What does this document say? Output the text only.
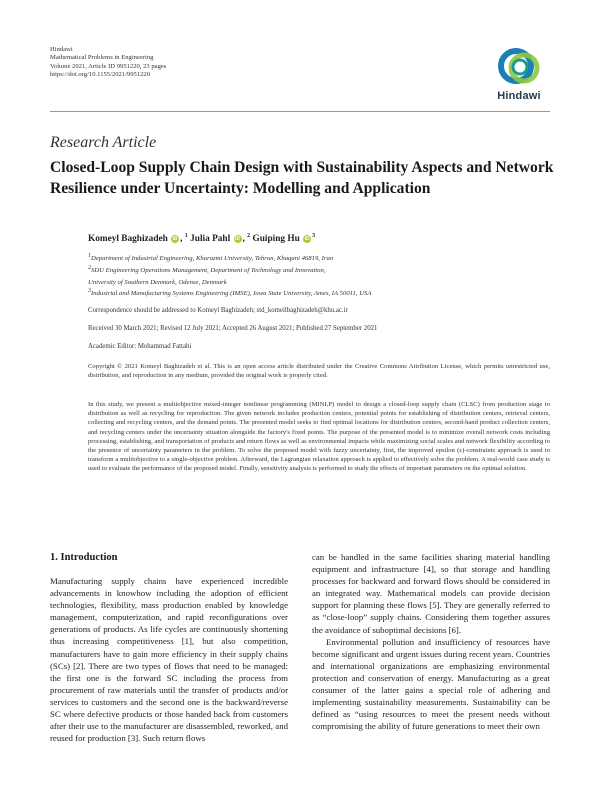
Hindawi
Mathematical Problems in Engineering
Volume 2021, Article ID 9951220, 23 pages
https://doi.org/10.1155/2021/9951220
Hindawi
Research Article
Closed-Loop Supply Chain Design with Sustainability Aspects and Network Resilience under Uncertainty: Modelling and Application
Komeyl Baghizadeh iD , $^1$ Julia Pahl iD , $^2$ Guiping Hu iD $^3$
1Department of Industrial Engineering, Kharazmi University, Tehran, Khaqani 46819, Iran
2SDU Engineering Operations Management, Department of Technology and Innovation,
University of Southern Denmark, Odense, Denmark
3Industrial and Manufacturing Systems Engineering (IMSE), Iowa State University, Ames, IA 50011, USA
Correspondence should be addressed to Komeyl Baghizadeh; std_komeilbaghizadeh@khu.ac.ir
Received 30 March 2021; Revised 12 July 2021; Accepted 26 August 2021; Published 27 September 2021
Academic Editor: Mohammad Fattahi
Copyright © 2021 Komeyl Baghizadeh et al. This is an open access article distributed under the Creative Commons Attribution License, which permits unrestricted use, distribution, and reproduction in any medium, provided the original work is properly cited.
In this study, we present a multiobjective mixed-integer nonlinear programming (MINLP) model to design a closed-loop supply chain (CLSC) from production stage to distribution as well as recycling for reproduction. The given network includes production centers, potential points for establishing of distribution centers, retrieval centers, collecting and recycling centers, and the demand points. The presented model seeks to find optimal locations for distribution centers, second-hand product collection centers, and recycling centers under the uncertainty situation alongside the factory's fixed points. The purpose of the presented model is to minimize overall network costs including processing, establishing, and transportation of products and return flows as well as environmental impacts while maximizing social scales and network flexibility according to the presence of uncertainty parameters in the problem. To solve the proposed model with fuzzy uncertainty, first, the improved epsilon (ε)-constraints approach is used to transform a multiobjective to a single-objective problem. Afterward, the Lagrangian relaxation approach is applied to effectively solve the problem. A real-world case study is used to evaluate the performance of the proposed model. Finally, sensitivity analysis is performed to study the effects of important parameters on the optimal solution.
1. Introduction

Manufacturing supply chains have experienced incredible advancements in knowhow including the adoption of efficient technologies, flexibility, mass production enabled by knowledge management, computerization, and rapid reconfigurations over generations of products. As life cycles are continuously shortening thus increasing competitiveness [1], but also competition, manufacturers have to gain more efficiency in their supply chains (SCs) [2]. There are two types of flows that need to be managed: the first one is the forward SC including the process from procurement of raw materials until the transfer of products and/or services to customers and the second one is the backward/reverse SC where defective products or those handed back from customers after their use to the manufacturer are disassembled, reworked, and reused for production [3]. Such return flows

can be handled in the same facilities sharing material handling equipment and infrastructure [4], so that storage and handling processes for backward and forward flows should be considered in an integrated way. Mathematical models can provide decision support for planning these flows [5]. They are generally referred to as “close-loop” supply chains. Considering them together assures the avoidance of suboptimal decisions [6].

Environmental pollution and insufficiency of resources have become significant and urgent issues during recent years. Countries and international organizations are emphasizing environmental protection and conservation of energy. Manufacturing as a great consumer of the latter gains a special role of adhering and implementing sustainability measurements. Sustainability can be defined as “using resources to meet the present needs without compromising the ability of future generations to meet their own
